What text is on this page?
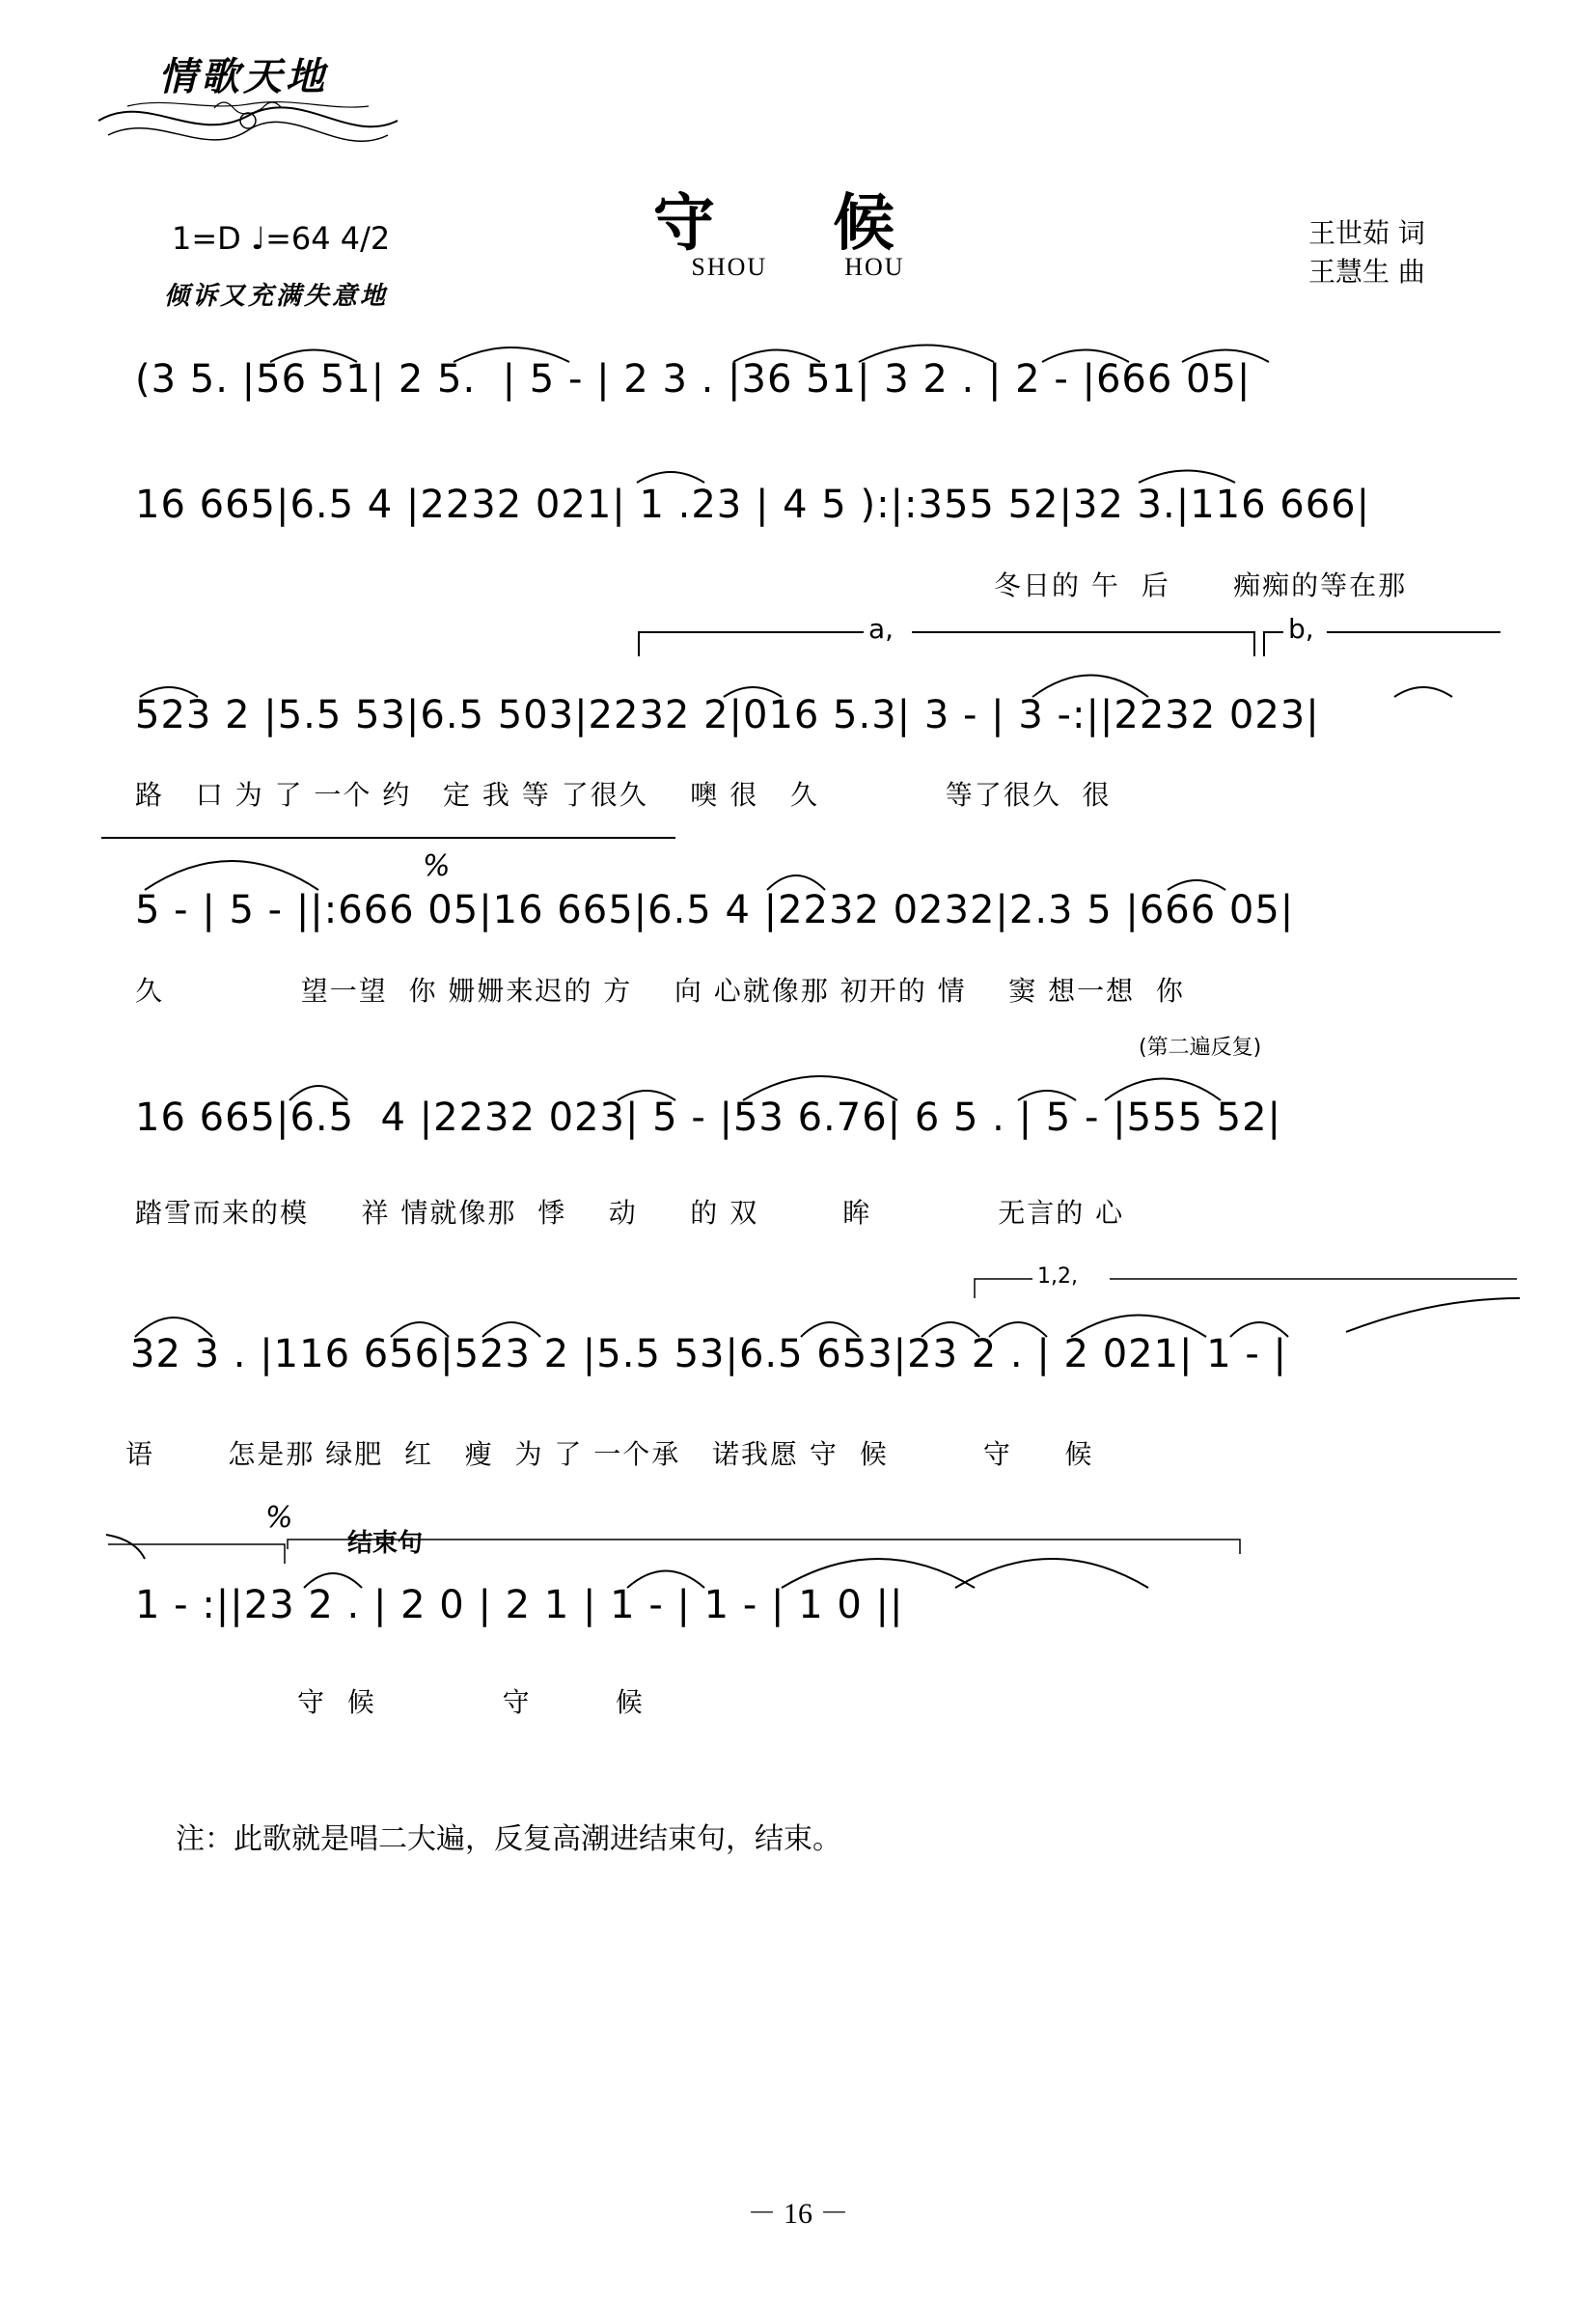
情歌天地
守 候
SHOU	HOU
1=D ♩=64 4/2
倾诉又充满失意地
王世茹 词
王慧生 曲
(3 5. |56 51| 2 5.  | 5 - | 2 3 . |36 51| 3 2 . | 2 - |666 05|
16 665|6.5 4 |2232 021| 1 .23 | 4 5 ):|:355 52|32 3.|116 666|
冬日的 午  后      痴痴的等在那
a,	b,
523 2 |5.5 53|6.5 503|2232 2|016 5.3| 3 - | 3 -:||2232 023|
路   口 为 了 一个 约   定 我 等 了很久    噢 很   久            等了很久  很
%
5 - | 5 - ||:666 05|16 665|6.5 4 |2232 0232|2.3 5 |666 05|
久             望一望  你 姗姗来迟的 方    向 心就像那 初开的 情    窦 想一想  你
(第二遍反复)
16 665|6.5  4 |2232 023| 5 - |53 6.76| 6 5 . | 5 - |555 52|
踏雪而来的模     祥 情就像那  悸    动     的 双        眸            无言的 心
1,2,
32 3 . |116 656|523 2 |5.5 53|6.5 653|23 2 . | 2 021| 1 - |
语       怎是那 绿肥  红   瘦  为 了 一个承   诺我愿 守  候         守     候
%
结束句
1 - :||23 2 . | 2 0 | 2 1 | 1 - | 1 - | 1 0 ||
守  候            守        候
注：此歌就是唱二大遍，反复高潮进结束句，结束。
－ 16 －
